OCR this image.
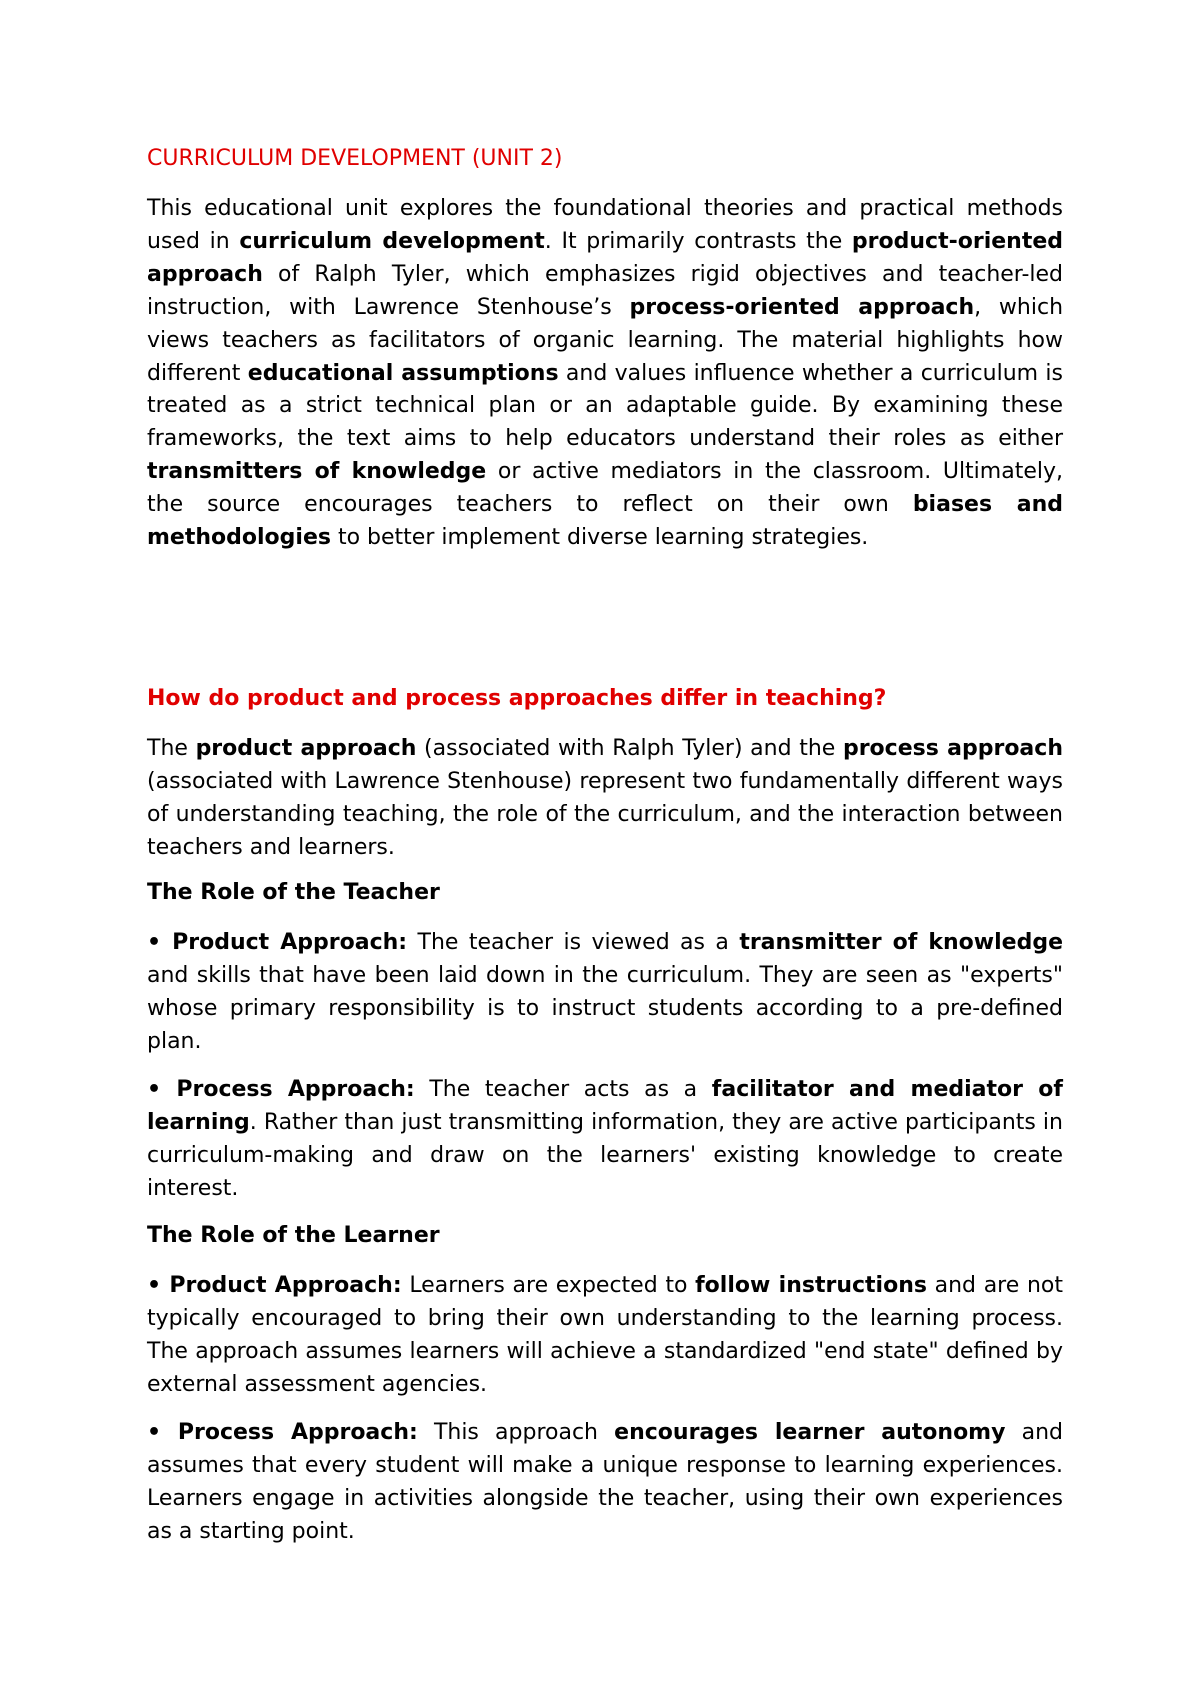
CURRICULUM DEVELOPMENT (UNIT 2)
This educational unit explores the foundational theories and practical methods used in curriculum development. It primarily contrasts the product-oriented approach of Ralph Tyler, which emphasizes rigid objectives and teacher-led instruction, with Lawrence Stenhouse’s process-oriented approach, which views teachers as facilitators of organic learning. The material highlights how different educational assumptions and values influence whether a curriculum is treated as a strict technical plan or an adaptable guide. By examining these frameworks, the text aims to help educators understand their roles as either transmitters of knowledge or active mediators in the classroom. Ultimately, the source encourages teachers to reflect on their own biases and methodologies to better implement diverse learning strategies.
How do product and process approaches differ in teaching?
The product approach (associated with Ralph Tyler) and the process approach (associated with Lawrence Stenhouse) represent two fundamentally different ways of understanding teaching, the role of the curriculum, and the interaction between teachers and learners.
The Role of the Teacher
• Product Approach: The teacher is viewed as a transmitter of knowledge and skills that have been laid down in the curriculum. They are seen as "experts" whose primary responsibility is to instruct students according to a pre-defined plan.
• Process Approach: The teacher acts as a facilitator and mediator of learning. Rather than just transmitting information, they are active participants in curriculum-making and draw on the learners' existing knowledge to create interest.
The Role of the Learner
• Product Approach: Learners are expected to follow instructions and are not typically encouraged to bring their own understanding to the learning process. The approach assumes learners will achieve a standardized "end state" defined by external assessment agencies.
• Process Approach: This approach encourages learner autonomy and assumes that every student will make a unique response to learning experiences. Learners engage in activities alongside the teacher, using their own experiences as a starting point.
